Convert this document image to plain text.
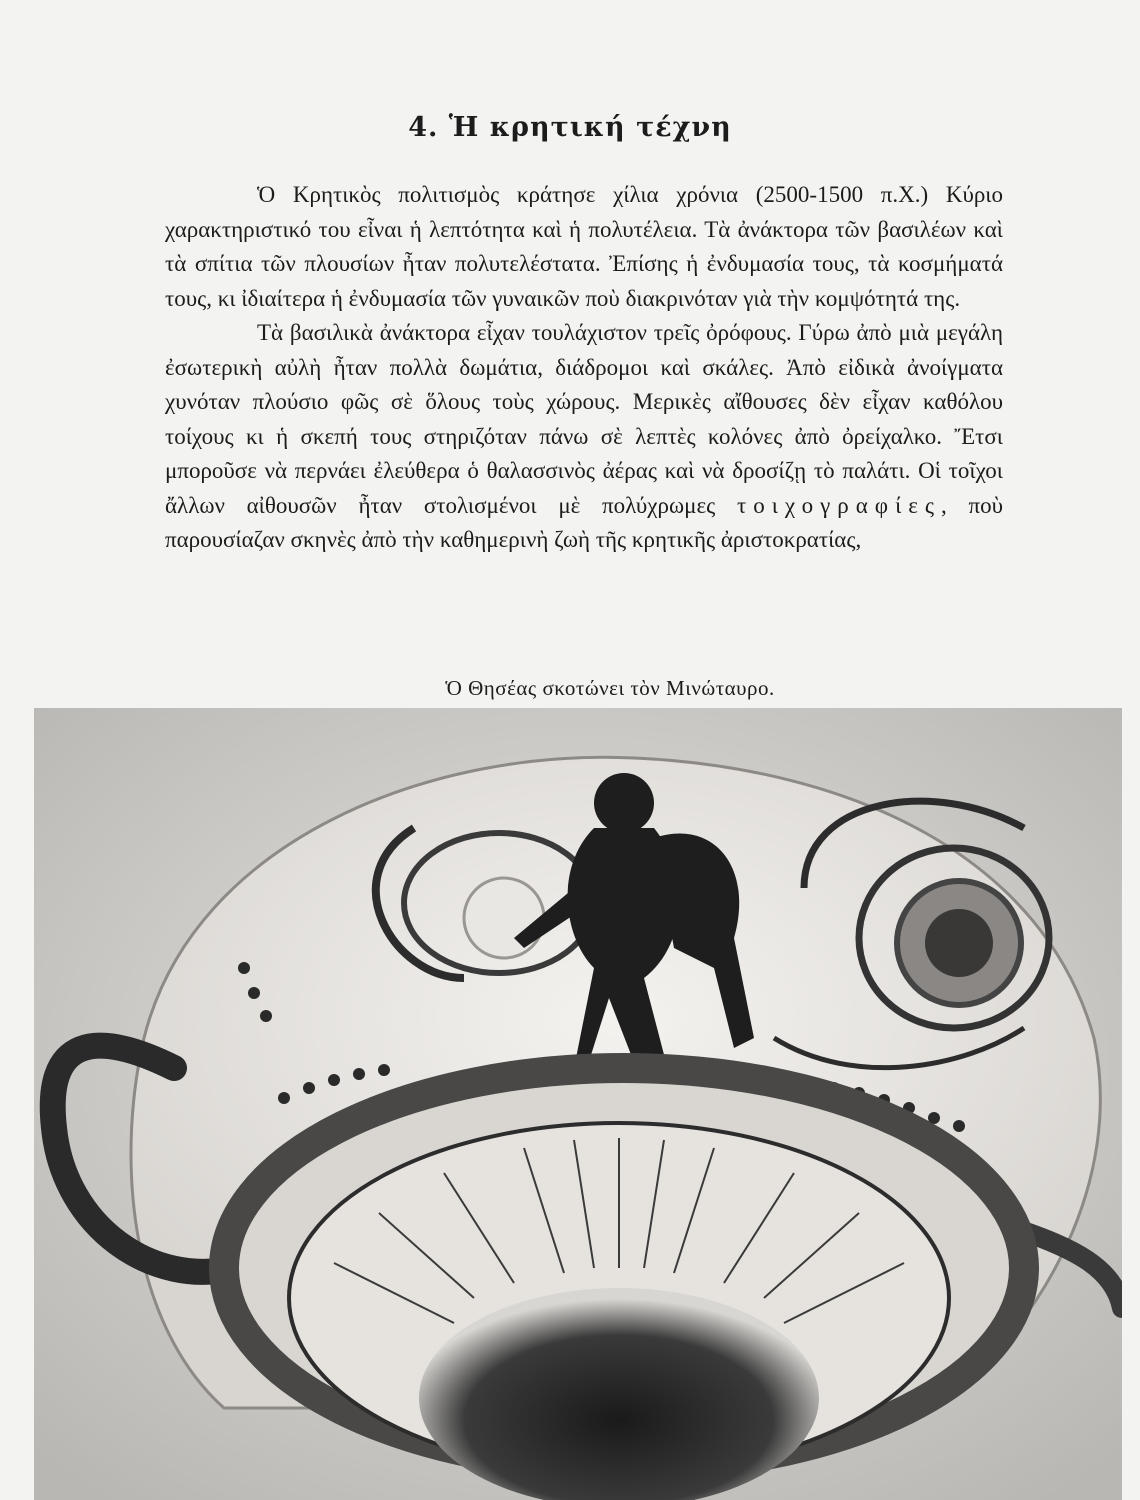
4. Ἡ κρητική τέχνη

Ὁ Κρητικὸς πολιτισμὸς κράτησε χίλια χρόνια (2500-1500 π.Χ.) Κύριο χαρακτηριστικό του εἶναι ἡ λεπτότητα καὶ ἡ πολυτέλεια. Τὰ ἀνάκτορα τῶν βασιλέων καὶ τὰ σπίτια τῶν πλουσίων ἦταν πολυτελέστατα. Ἐπίσης ἡ ἐνδυμασία τους, τὰ κοσμήματά τους, κι ἰδιαίτερα ἡ ἐνδυμασία τῶν γυναικῶν ποὺ διακρινόταν γιὰ τὴν κομψότητά της.

Τὰ βασιλικὰ ἀνάκτορα εἶχαν τουλάχιστον τρεῖς ὀρόφους. Γύρω ἀπὸ μιὰ μεγάλη ἐσωτερικὴ αὐλὴ ἦταν πολλὰ δωμάτια, διάδρομοι καὶ σκάλες. Ἀπὸ εἰδικὰ ἀνοίγματα χυνόταν πλούσιο φῶς σὲ ὅλους τοὺς χώρους. Μερικὲς αἴθουσες δὲν εἶχαν καθόλου τοίχους κι ἡ σκεπή τους στηριζόταν πάνω σὲ λεπτὲς κολόνες ἀπὸ ὀρείχαλκο. Ἔτσι μποροῦσε νὰ περνάει ἐλεύθερα ὁ θαλασσινὸς ἀέρας καὶ νὰ δροσίζῃ τὸ παλάτι. Οἱ τοῖχοι ἄλλων αἰθουσῶν ἦταν στολισμένοι μὲ πολύχρωμες τοιχογραφίες, ποὺ παρουσίαζαν σκηνὲς ἀπὸ τὴν καθημερινὴ ζωὴ τῆς κρητικῆς ἀριστοκρατίας,

Ὁ Θησέας σκοτώνει τὸν Μινώταυρο.
